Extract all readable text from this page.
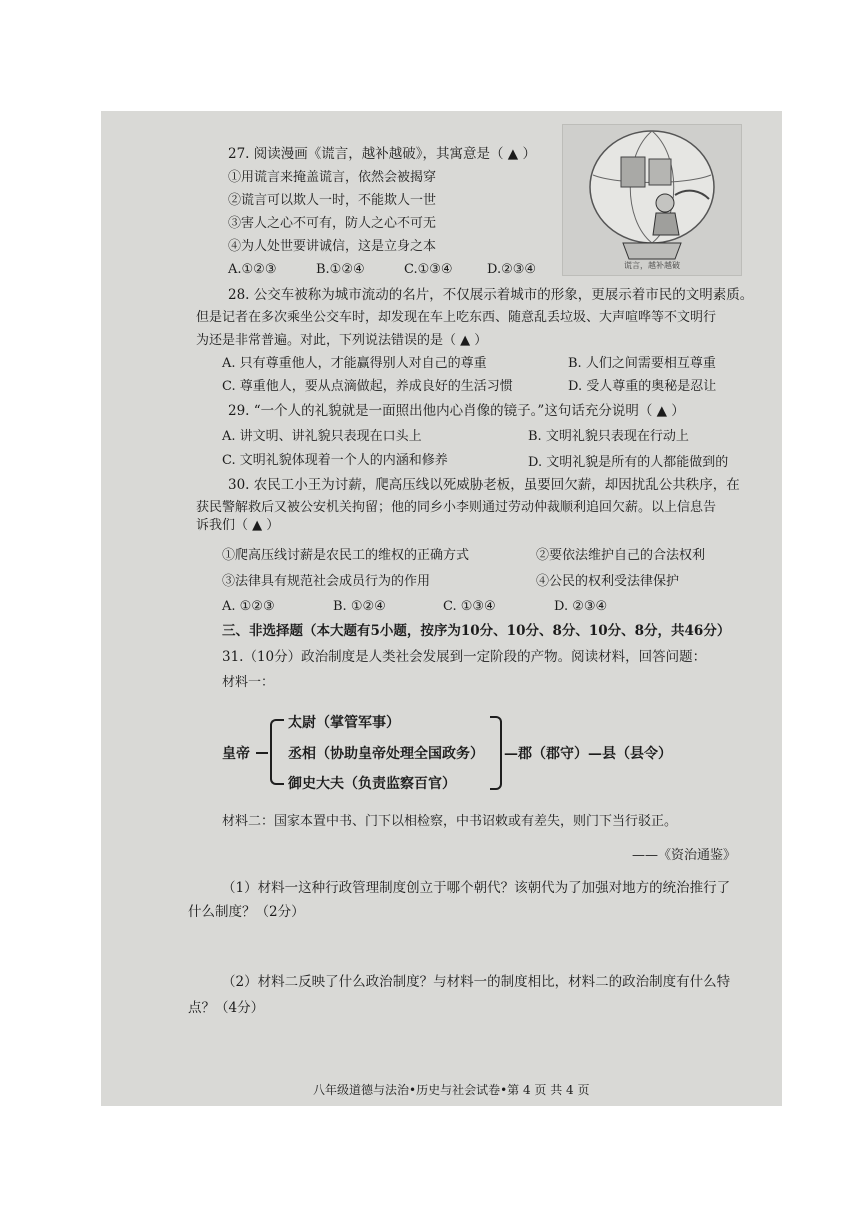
27. 阅读漫画《谎言，越补越破》，其寓意是（ ▲ ）
①用谎言来掩盖谎言，依然会被揭穿
②谎言可以欺人一时，不能欺人一世
③害人之心不可有，防人之心不可无
④为人处世要讲诚信，这是立身之本
A.①②③	B.①②④	C.①③④	D.②③④	谎言，越补越破
28. 公交车被称为城市流动的名片，不仅展示着城市的形象，更展示着市民的文明素质。
但是记者在多次乘坐公交车时，却发现在车上吃东西、随意乱丢垃圾、大声喧哗等不文明行
为还是非常普遍。对此，下列说法错误的是（ ▲ ）
A. 只有尊重他人，才能赢得别人对自己的尊重	B. 人们之间需要相互尊重
C. 尊重他人，要从点滴做起，养成良好的生活习惯	D. 受人尊重的奥秘是忍让
29. “一个人的礼貌就是一面照出他内心肖像的镜子。”这句话充分说明（ ▲ ）
A. 讲文明、讲礼貌只表现在口头上	B. 文明礼貌只表现在行动上
C. 文明礼貌体现着一个人的内涵和修养	D. 文明礼貌是所有的人都能做到的
30. 农民工小王为讨薪，爬高压线以死威胁老板，虽要回欠薪，却因扰乱公共秩序，在
获民警解救后又被公安机关拘留；他的同乡小李则通过劳动仲裁顺利追回欠薪。以上信息告
诉我们（ ▲ ）
①爬高压线讨薪是农民工的维权的正确方式	②要依法维护自己的合法权利
③法律具有规范社会成员行为的作用	④公民的权利受法律保护
A. ①②③	B. ①②④	C. ①③④	D. ②③④
三、非选择题（本大题有5小题，按序为10分、10分、8分、10分、8分，共46分）
31.（10分）政治制度是人类社会发展到一定阶段的产物。阅读材料，回答问题：
材料一：
皇帝
太尉（掌管军事）
丞相（协助皇帝处理全国政务）
御史大夫（负责监察百官）
—郡（郡守）—县（县令）
材料二：国家本置中书、门下以相检察，中书诏敕或有差失，则门下当行驳正。
——《资治通鉴》
（1）材料一这种行政管理制度创立于哪个朝代？该朝代为了加强对地方的统治推行了
什么制度？（2分）
（2）材料二反映了什么政治制度？与材料一的制度相比，材料二的政治制度有什么特
点？（4分）
八年级道德与法治•历史与社会试卷•第 4 页 共 4 页
